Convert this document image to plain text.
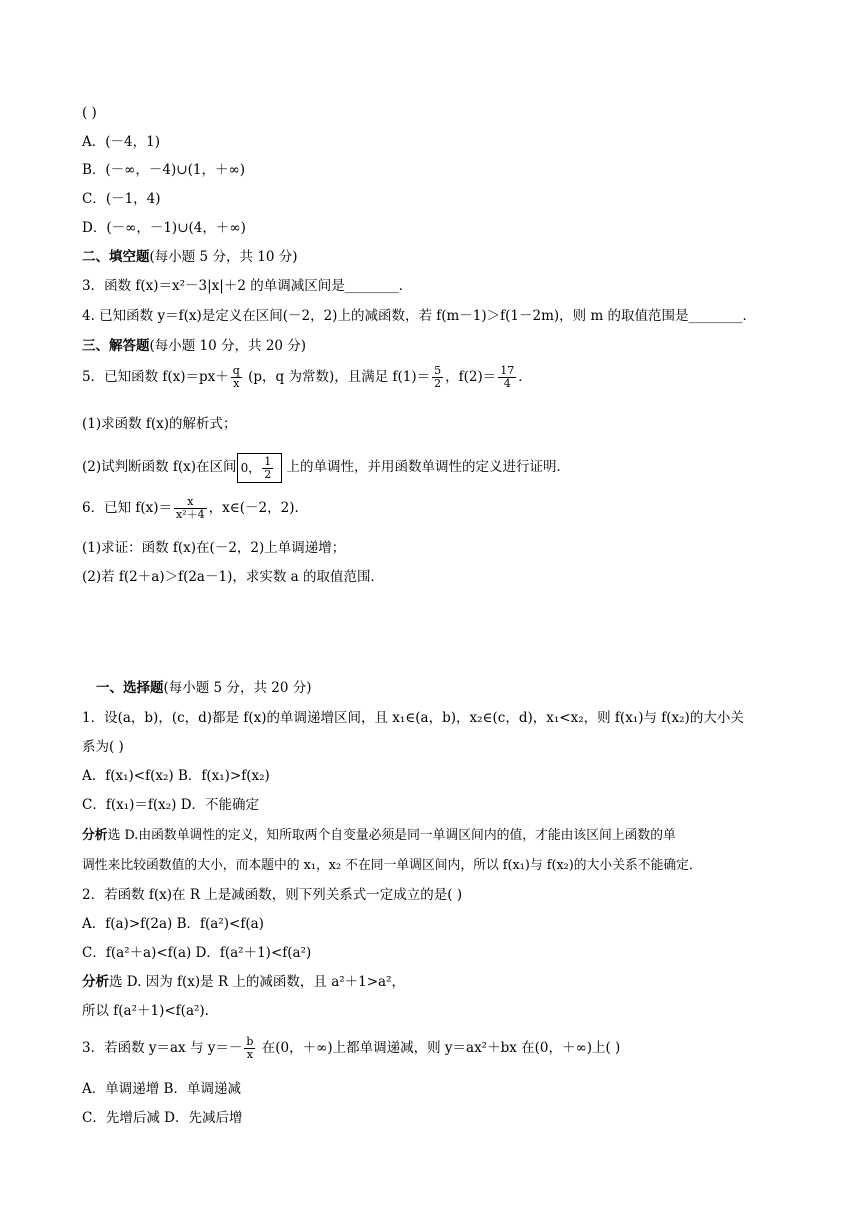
( )
A．(－4，1)
B．(－∞，－4)∪(1，＋∞)
C．(－1，4)
D．(－∞，－1)∪(4，＋∞)
二、填空题(每小题 5 分，共 10 分)
3．函数 f(x)＝x²－3|x|＋2 的单调减区间是________．
4. 已知函数 y＝f(x)是定义在区间(－2，2)上的减函数，若 f(m－1)＞f(1－2m)，则 m 的取值范围是________．
三、解答题(每小题 10 分，共 20 分)
5．已知函数 $f(x)=px+ \frac{q}{x} (p$，q 为常数)，且满足 $f(1)= \frac{5}{2}$ ，$f(2)= \frac{17}{4}$ ．
(1)求函数 f(x)的解析式；
(2)试判断函数 f(x)在区间 0， $\frac{1}{2}$ 上的单调性，并用函数单调性的定义进行证明．
6．已知 $f(x)= \frac{x}{\text{x²＋4}}$ ，x∈(－2，2).
(1)求证：函数 f(x)在(－2，2)上单调递增；
(2)若 f(2＋a)＞f(2a－1)，求实数 a 的取值范围．
一、选择题(每小题 5 分，共 20 分)
1．设(a，b)，(c，d)都是 f(x)的单调递增区间，且 x₁∈(a，b)，x₂∈(c，d)，x₁<x₂，则 f(x₁)与 f(x₂)的大小关
系为( )
A．f(x₁)<f(x₂) B．f(x₁)>f(x₂)
C．f(x₁)＝f(x₂) D．不能确定
分析选 D.由函数单调性的定义，知所取两个自变量必须是同一单调区间内的值，才能由该区间上函数的单
调性来比较函数值的大小，而本题中的 x₁，x₂ 不在同一单调区间内，所以 f(x₁)与 f(x₂)的大小关系不能确定．
2．若函数 f(x)在 R 上是减函数，则下列关系式一定成立的是( )
A．f(a)>f(2a) B．f(a²)<f(a)
C．f(a²＋a)<f(a) D．f(a²＋1)<f(a²)
分析选 D. 因为 f(x)是 R 上的减函数，且 a²＋1>a²，
所以 f(a²＋1)<f(a²).
3．若函数 y＝ax 与 $y=- \frac{b}{x}$ 在(0，＋∞)上都单调递减，则 y＝ax²＋bx 在(0，＋∞)上( )
A．单调递增 B．单调递减
C．先增后减 D．先减后增
